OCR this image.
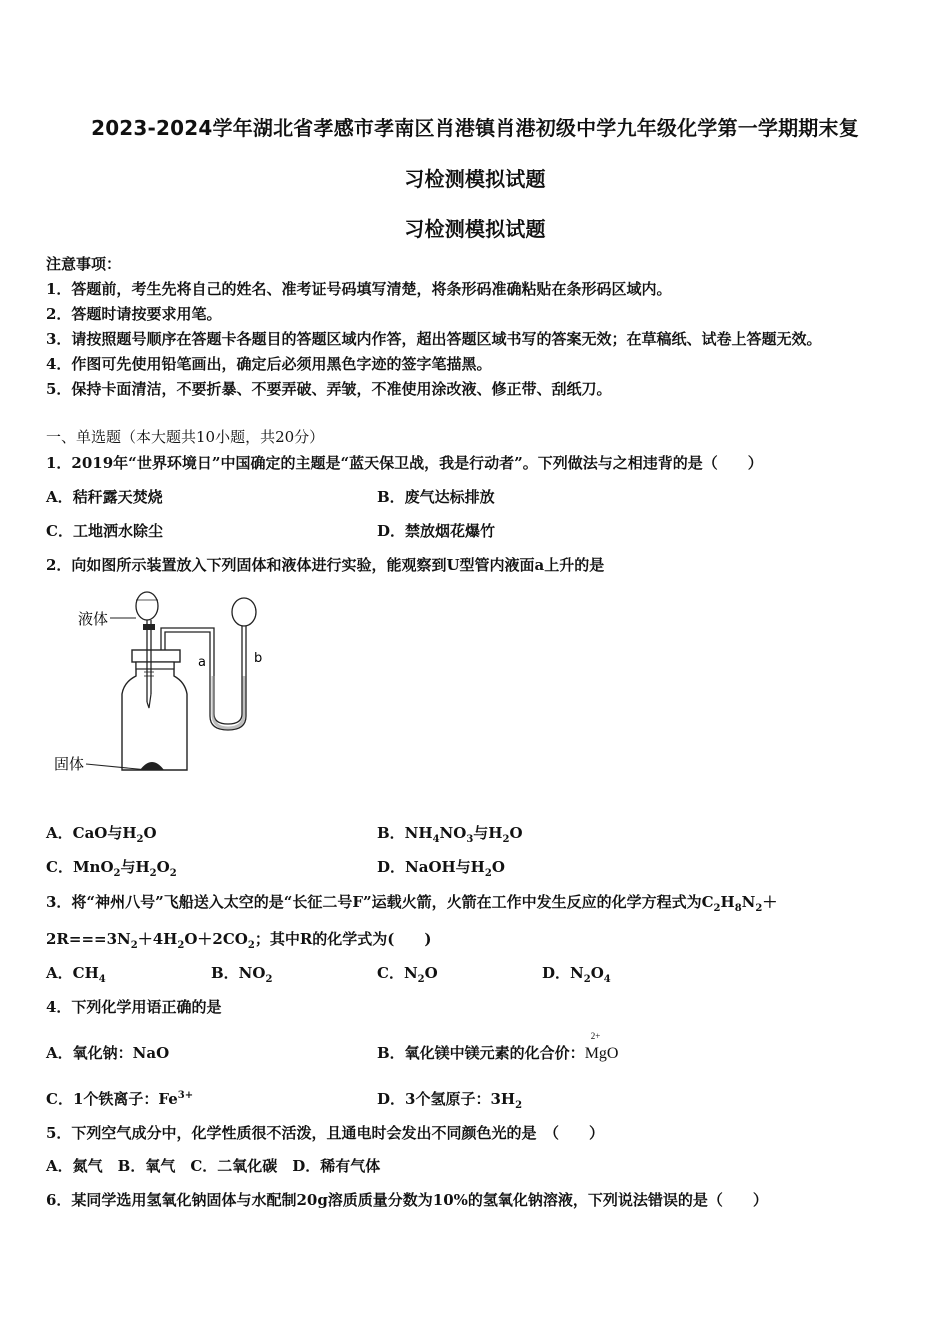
2023-2024学年湖北省孝感市孝南区肖港镇肖港初级中学九年级化学第一学期期末复
习检测模拟试题
习检测模拟试题
注意事项：
1．答题前，考生先将自己的姓名、准考证号码填写清楚，将条形码准确粘贴在条形码区域内。
2．答题时请按要求用笔。
3．请按照题号顺序在答题卡各题目的答题区域内作答，超出答题区域书写的答案无效；在草稿纸、试卷上答题无效。
4．作图可先使用铅笔画出，确定后必须用黑色字迹的签字笔描黑。
5．保持卡面清洁，不要折暴、不要弄破、弄皱，不准使用涂改液、修正带、刮纸刀。
一、单选题（本大题共10小题，共20分）
1．2019年“世界环境日”中国确定的主题是“蓝天保卫战，我是行动者”。下列做法与之相违背的是（　　）
A．秸秆露天焚烧	B．废气达标排放
C．工地洒水除尘	D．禁放烟花爆竹
2．向如图所示装置放入下列固体和液体进行实验，能观察到U型管内液面a上升的是
液体
固体
a	b
A．CaO与$H_2O$	B．$NH_4NO_3$与$H_2O$
C．MnO$_2$与$H_2O_2$	D．NaOH与$H_2O$
3．将“神州八号”飞船送入太空的是“长征二号F”运载火箭，火箭在工作中发生反应的化学方程式为$C_2H_8N_2+$
$2R===3N_2+4H_2O+2CO_2$；其中R的化学式为(　　)
A．$CH_4$	B．$NO_2$	C．$N_2O$	D．$N_2O_4$
4．下列化学用语正确的是
A．氧化钠：NaO	B．氧化镁中镁元素的化合价：
2+
MgO
C．1个铁离子：$Fe^{3+}$	D．3个氢原子：$3H_2$
5．下列空气成分中，化学性质很不活泼，且通电时会发出不同颜色光的是　（　　）
A．氮气　B．氧气　C．二氧化碳　D．稀有气体
6．某同学选用氢氧化钠固体与水配制20g溶质质量分数为10%的氢氧化钠溶液，下列说法错误的是（　　）
